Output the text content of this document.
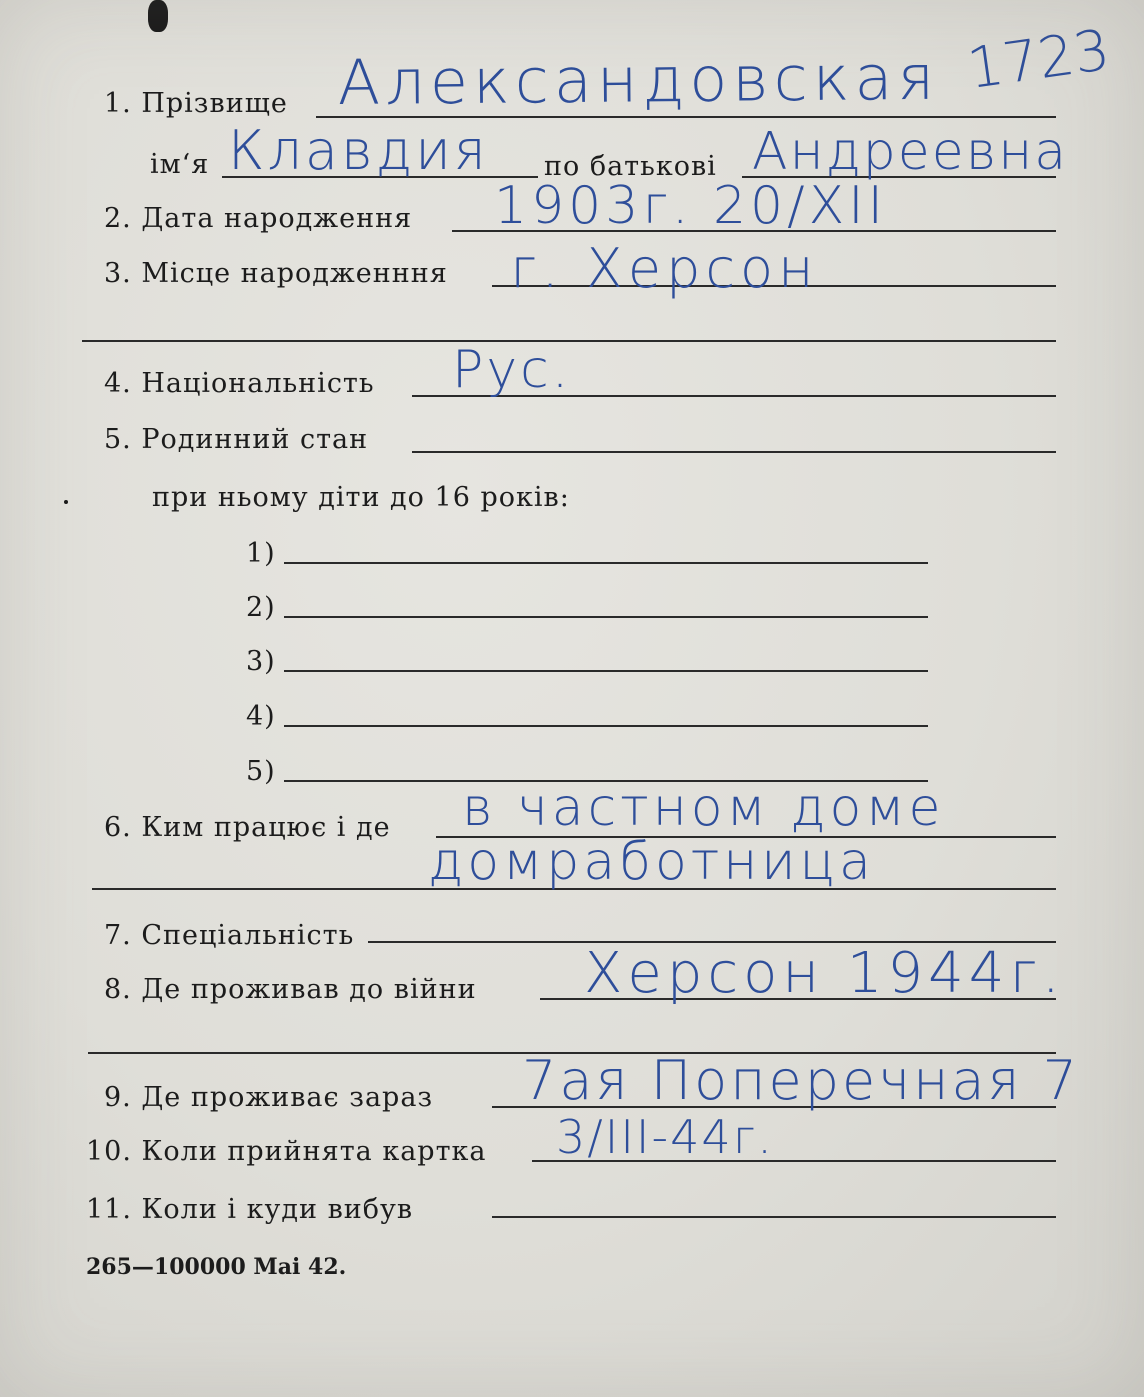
1723
1. Прізвище Александовская
ім‘я Клавдия по батькові Андреевна
2. Дата народження 1903г. 20/XII
3. Місце народженння г. Херсон
4. Національність Рус.
5. Родинний стан
при ньому діти до 16 років:
1)
2)
3)
4)
5)
6. Ким працює і де в частном доме
домработница
7. Спеціальність
8. Де проживав до війни Херсон 1944г.
9. Де проживає зараз 7ая Поперечная 7
10. Коли прийнята картка 3/III-44г.
11. Коли і куди вибув
265—100000 Mai 42.
